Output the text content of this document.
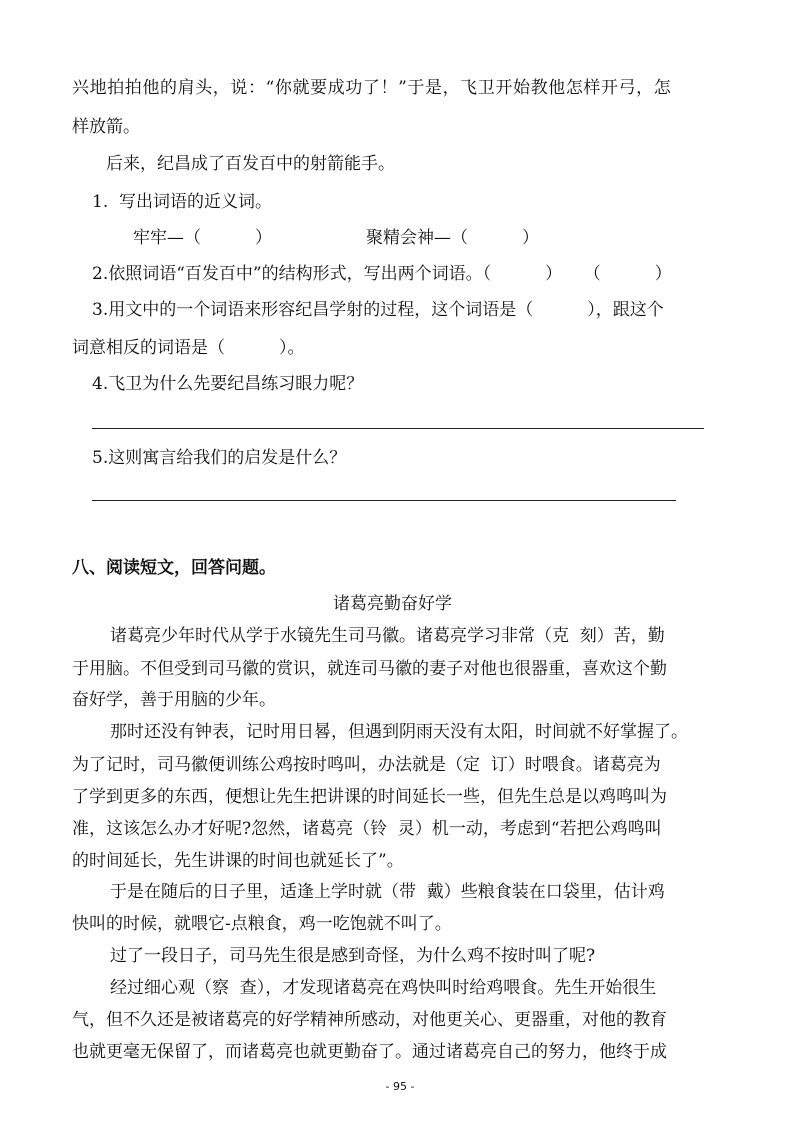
兴地拍拍他的肩头，说：“你就要成功了！”于是，飞卫开始教他怎样开弓，怎
样放箭。
后来，纪昌成了百发百中的射箭能手。
1.  写出词语的近义词。
牢牢—（          ）	聚精会神—（          ）
2.依照词语“百发百中”的结构形式，写出两个词语。（          ）    （          ）
3.用文中的一个词语来形容纪昌学射的过程，这个词语是（          ），跟这个
词意相反的词语是（          ）。
4.飞卫为什么先要纪昌练习眼力呢？
5.这则寓言给我们的启发是什么？
八、阅读短文，回答问题。
诸葛亮勤奋好学
诸葛亮少年时代从学于水镜先生司马徽。诸葛亮学习非常（克  刻）苦，勤
于用脑。不但受到司马徽的赏识，就连司马徽的妻子对他也很器重，喜欢这个勤
奋好学，善于用脑的少年。
那时还没有钟表，记时用日晷，但遇到阴雨天没有太阳，时间就不好掌握了。
为了记时，司马徽便训练公鸡按时鸣叫，办法就是（定  订）时喂食。诸葛亮为
了学到更多的东西，便想让先生把讲课的时间延长一些，但先生总是以鸡鸣叫为
准，这该怎么办才好呢?忽然，诸葛亮（铃  灵）机一动，考虑到“若把公鸡鸣叫
的时间延长，先生讲课的时间也就延长了”。
于是在随后的日子里，适逢上学时就（带  戴）些粮食装在口袋里，估计鸡
快叫的时候，就喂它-点粮食，鸡一吃饱就不叫了。
过了一段日子，司马先生很是感到奇怪，为什么鸡不按时叫了呢?
经过细心观（察  查），才发现诸葛亮在鸡快叫时给鸡喂食。先生开始很生
气，但不久还是被诸葛亮的好学精神所感动，对他更关心、更器重，对他的教育
也就更毫无保留了，而诸葛亮也就更勤奋了。通过诸葛亮自己的努力，他终于成
- 95 -
